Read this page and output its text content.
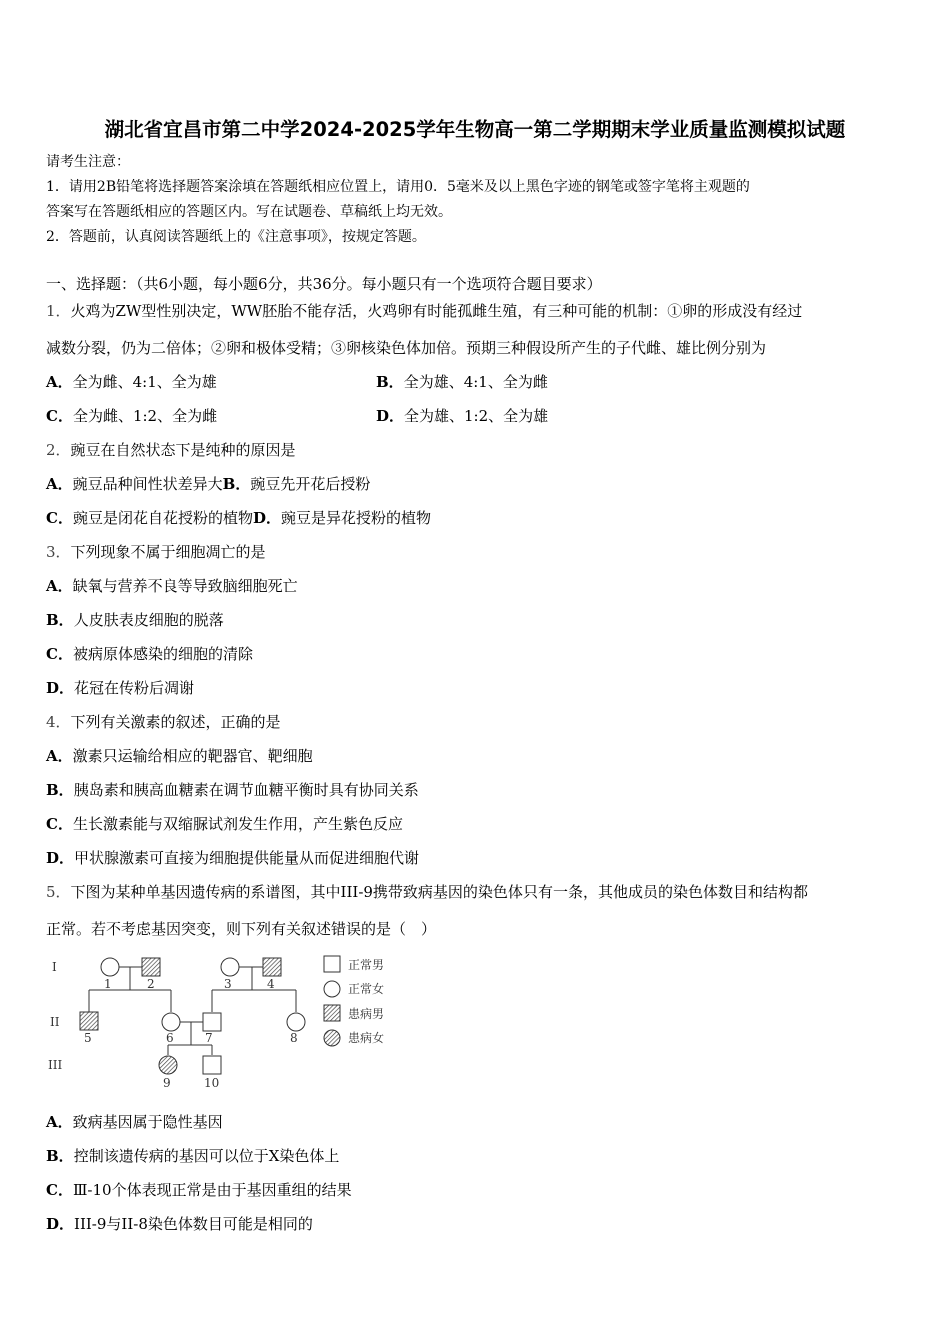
湖北省宜昌市第二中学2024-2025学年生物高一第二学期期末学业质量监测模拟试题
请考生注意：
1．请用2B铅笔将选择题答案涂填在答题纸相应位置上，请用0．5毫米及以上黑色字迹的钢笔或签字笔将主观题的
答案写在答题纸相应的答题区内。写在试题卷、草稿纸上均无效。
2．答题前，认真阅读答题纸上的《注意事项》，按规定答题。
一、选择题：（共6小题，每小题6分，共36分。每小题只有一个选项符合题目要求）
1．火鸡为ZW型性别决定，WW胚胎不能存活，火鸡卵有时能孤雌生殖，有三种可能的机制：①卵的形成没有经过
减数分裂，仍为二倍体；②卵和极体受精；③卵核染色体加倍。预期三种假设所产生的子代雌、雄比例分别为
A．全为雌、4:1、全为雄	B．全为雄、4:1、全为雌
C．全为雌、1:2、全为雌	D．全为雄、1:2、全为雄
2．豌豆在自然状态下是纯种的原因是
A．豌豆品种间性状差异大B．豌豆先开花后授粉
C．豌豆是闭花自花授粉的植物D．豌豆是异花授粉的植物
3．下列现象不属于细胞凋亡的是
A．缺氧与营养不良等导致脑细胞死亡
B．人皮肤表皮细胞的脱落
C．被病原体感染的细胞的清除
D．花冠在传粉后凋谢
4．下列有关激素的叙述，正确的是
A．激素只运输给相应的靶器官、靶细胞
B．胰岛素和胰高血糖素在调节血糖平衡时具有协同关系
C．生长激素能与双缩脲试剂发生作用，产生紫色反应
D．甲状腺激素可直接为细胞提供能量从而促进细胞代谢
5．下图为某种单基因遗传病的系谱图，其中III-9携带致病基因的染色体只有一条，其他成员的染色体数目和结构都
正常。若不考虑基因突变，则下列有关叙述错误的是（　）
I
II
III
1	2	3	4
5	6	7	8
9	10
正常男
正常女
患病男
患病女
A．致病基因属于隐性基因
B．控制该遗传病的基因可以位于X染色体上
C．Ⅲ-10个体表现正常是由于基因重组的结果
D．III-9与II-8染色体数目可能是相同的
